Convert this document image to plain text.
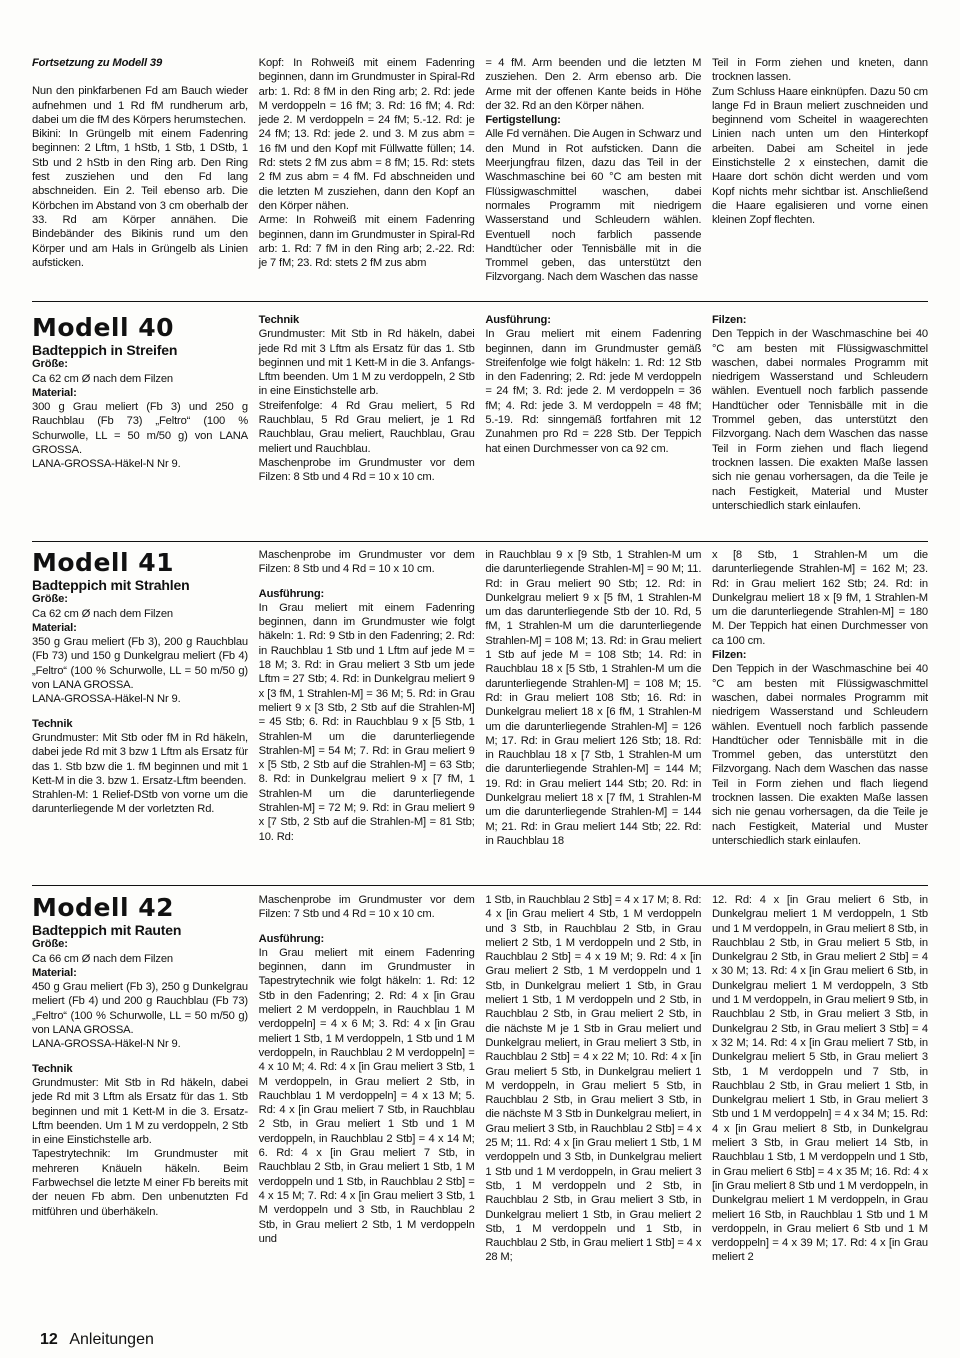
Fortsetzung zu Modell 39

Nun den pinkfarbenen Fd am Bauch wieder aufnehmen und 1 Rd fM rundherum arb, dabei um die fM des Körpers herumstechen.

Bikini: In Grüngelb mit einem Fadenring beginnen: 2 Lftm, 1 hStb, 1 Stb, 1 DStb, 1 Stb und 2 hStb in den Ring arb. Den Ring fest zusziehen und den Fd lang abschneiden. Ein 2. Teil ebenso arb. Die Körbchen im Abstand von 3 cm oberhalb der 33. Rd am Körper annähen. Die Bindebänder des Bikinis rund um den Körper und am Hals in Grüngelb als Linien aufsticken.

Kopf: In Rohweiß mit einem Fadenring beginnen, dann im Grundmuster in Spiral-Rd arb: 1. Rd: 8 fM in den Ring arb; 2. Rd: jede M verdoppeln = 16 fM; 3. Rd: 16 fM; 4. Rd: jede 2. M verdoppeln = 24 fM; 5.-12. Rd: je 24 fM; 13. Rd: jede 2. und 3. M zus abm = 16 fM und den Kopf mit Füllwatte füllen; 14. Rd: stets 2 fM zus abm = 8 fM; 15. Rd: stets 2 fM zus abm = 4 fM. Fd abschneiden und die letzten M zusziehen, dann den Kopf an den Körper nähen.

Arme: In Rohweiß mit einem Fadenring beginnen, dann im Grundmuster in Spiral-Rd arb: 1. Rd: 7 fM in den Ring arb; 2.-22. Rd: je 7 fM; 23. Rd: stets 2 fM zus abm

= 4 fM. Arm beenden und die letzten M zusziehen. Den 2. Arm ebenso arb. Die Arme mit der offenen Kante beids in Höhe der 32. Rd an den Körper nähen.

Fertigstellung:

Alle Fd vernähen. Die Augen in Schwarz und den Mund in Rot aufsticken. Dann die Meerjungfrau filzen, dazu das Teil in der Waschmaschine bei 60 °C am besten mit Flüssigwaschmittel waschen, dabei normales Programm mit niedrigem Wasserstand und Schleudern wählen. Eventuell noch farblich passende Handtücher oder Tennisbälle mit in die Trommel geben, das unterstützt den Filzvorgang. Nach dem Waschen das nasse

Teil in Form ziehen und kneten, dann trocknen lassen.

Zum Schluss Haare einknüpfen. Dazu 50 cm lange Fd in Braun meliert zuschneiden und beginnend vom Scheitel in waagerechten Linien nach unten um den Hinterkopf arbeiten. Dabei am Scheitel in jede Einstichstelle 2 x einstechen, damit die Haare dort schön dicht werden und vom Kopf nichts mehr sichtbar ist. Anschließend die Haare egalisieren und vorne einen kleinen Zopf flechten.

Modell 40

Badteppich in Streifen

Größe:

Ca 62 cm Ø nach dem Filzen

Material:

300 g Grau meliert (Fb 3) und 250 g Rauchblau (Fb 73) „Feltro“ (100 % Schurwolle, LL = 50 m/50 g) von LANA GROSSA.

LANA-GROSSA-Häkel-N Nr 9.

Technik

Grundmuster: Mit Stb in Rd häkeln, dabei jede Rd mit 3 Lftm als Ersatz für das 1. Stb beginnen und mit 1 Kett-M in die 3. Anfangs-Lftm beenden. Um 1 M zu verdoppeln, 2 Stb in eine Einstichstelle arb.

Streifenfolge: 4 Rd Grau meliert, 5 Rd Rauchblau, 5 Rd Grau meliert, je 1 Rd Rauchblau, Grau meliert, Rauchblau, Grau meliert und Rauchblau.

Maschenprobe im Grundmuster vor dem Filzen: 8 Stb und 4 Rd = 10 x 10 cm.

Ausführung:

In Grau meliert mit einem Fadenring beginnen, dann im Grundmuster gemäß Streifenfolge wie folgt häkeln: 1. Rd: 12 Stb in den Fadenring; 2. Rd: jede M verdoppeln = 24 fM; 3. Rd: jede 2. M verdoppeln = 36 fM; 4. Rd: jede 3. M verdoppeln = 48 fM; 5.-19. Rd: sinngemäß fortfahren mit 12 Zunahmen pro Rd = 228 Stb. Der Teppich hat einen Durchmesser von ca 92 cm.

Filzen:

Den Teppich in der Waschmaschine bei 40 °C am besten mit Flüssigwaschmittel waschen, dabei normales Programm mit niedrigem Wasserstand und Schleudern wählen. Eventuell noch farblich passende Handtücher oder Tennisbälle mit in die Trommel geben, das unterstützt den Filzvorgang. Nach dem Waschen das nasse Teil in Form ziehen und flach liegend trocknen lassen. Die exakten Maße lassen sich nie genau vorhersagen, da die Teile je nach Festigkeit, Material und Muster unterschiedlich stark einlaufen.

Modell 41

Badteppich mit Strahlen

Größe:

Ca 62 cm Ø nach dem Filzen

Material:

350 g Grau meliert (Fb 3), 200 g Rauchblau (Fb 73) und 150 g Dunkelgrau meliert (Fb 4) „Feltro“ (100 % Schurwolle, LL = 50 m/50 g) von LANA GROSSA.

LANA-GROSSA-Häkel-N Nr 9.

Technik

Grundmuster: Mit Stb oder fM in Rd häkeln, dabei jede Rd mit 3 bzw 1 Lftm als Ersatz für das 1. Stb bzw die 1. fM beginnen und mit 1 Kett-M in die 3. bzw 1. Ersatz-Lftm beenden.

Strahlen-M: 1 Relief-DStb von vorne um die darunterliegende M der vorletzten Rd.

Maschenprobe im Grundmuster vor dem Filzen: 8 Stb und 4 Rd = 10 x 10 cm.

Ausführung:

In Grau meliert mit einem Fadenring beginnen, dann im Grundmuster wie folgt häkeln: 1. Rd: 9 Stb in den Fadenring; 2. Rd: in Rauchblau 1 Stb und 1 Lftm auf jede M = 18 M; 3. Rd: in Grau meliert 3 Stb um jede Lftm = 27 Stb; 4. Rd: in Dunkelgrau meliert 9 x [3 fM, 1 Strahlen-M] = 36 M; 5. Rd: in Grau meliert 9 x [3 Stb, 2 Stb auf die Strahlen-M] = 45 Stb; 6. Rd: in Rauchblau 9 x [5 Stb, 1 Strahlen-M um die darunterliegende Strahlen-M] = 54 M; 7. Rd: in Grau meliert 9 x [5 Stb, 2 Stb auf die Strahlen-M] = 63 Stb; 8. Rd: in Dunkelgrau meliert 9 x [7 fM, 1 Strahlen-M um die darunterliegende Strahlen-M] = 72 M; 9. Rd: in Grau meliert 9 x [7 Stb, 2 Stb auf die Strahlen-M] = 81 Stb; 10. Rd:

in Rauchblau 9 x [9 Stb, 1 Strahlen-M um die darunterliegende Strahlen-M] = 90 M; 11. Rd: in Grau meliert 90 Stb; 12. Rd: in Dunkelgrau meliert 9 x [5 fM, 1 Strahlen-M um das darunterliegende Stb der 10. Rd, 5 fM, 1 Strahlen-M um die darunterliegende Strahlen-M] = 108 M; 13. Rd: in Grau meliert 1 Stb auf jede M = 108 Stb; 14. Rd: in Rauchblau 18 x [5 Stb, 1 Strahlen-M um die darunterliegende Strahlen-M] = 108 M; 15. Rd: in Grau meliert 108 Stb; 16. Rd: in Dunkelgrau meliert 18 x [6 fM, 1 Strahlen-M um die darunterliegende Strahlen-M] = 126 M; 17. Rd: in Grau meliert 126 Stb; 18. Rd: in Rauchblau 18 x [7 Stb, 1 Strahlen-M um die darunterliegende Strahlen-M] = 144 M; 19. Rd: in Grau meliert 144 Stb; 20. Rd: in Dunkelgrau meliert 18 x [7 fM, 1 Strahlen-M um die darunterliegende Strahlen-M] = 144 M; 21. Rd: in Grau meliert 144 Stb; 22. Rd: in Rauchblau 18

x [8 Stb, 1 Strahlen-M um die darunterliegende Strahlen-M] = 162 M; 23. Rd: in Grau meliert 162 Stb; 24. Rd: in Dunkelgrau meliert 18 x [9 fM, 1 Strahlen-M um die darunterliegende Strahlen-M] = 180 M. Der Teppich hat einen Durchmesser von ca 100 cm.

Filzen:

Den Teppich in der Waschmaschine bei 40 °C am besten mit Flüssigwaschmittel waschen, dabei normales Programm mit niedrigem Wasserstand und Schleudern wählen. Eventuell noch farblich passende Handtücher oder Tennisbälle mit in die Trommel geben, das unterstützt den Filzvorgang. Nach dem Waschen das nasse Teil in Form ziehen und flach liegend trocknen lassen. Die exakten Maße lassen sich nie genau vorhersagen, da die Teile je nach Festigkeit, Material und Muster unterschiedlich stark einlaufen.

Modell 42

Badteppich mit Rauten

Größe:

Ca 66 cm Ø nach dem Filzen

Material:

450 g Grau meliert (Fb 3), 250 g Dunkelgrau meliert (Fb 4) und 200 g Rauchblau (Fb 73) „Feltro“ (100 % Schurwolle, LL = 50 m/50 g) von LANA GROSSA.

LANA-GROSSA-Häkel-N Nr 9.

Technik

Grundmuster: Mit Stb in Rd häkeln, dabei jede Rd mit 3 Lftm als Ersatz für das 1. Stb beginnen und mit 1 Kett-M in die 3. Ersatz-Lftm beenden. Um 1 M zu verdoppeln, 2 Stb in eine Einstichstelle arb.

Tapestrytechnik: Im Grundmuster mit mehreren Knäueln häkeln. Beim Farbwechsel die letzte M einer Fb bereits mit der neuen Fb abm. Den unbenutzten Fd mitführen und überhäkeln.

Maschenprobe im Grundmuster vor dem Filzen: 7 Stb und 4 Rd = 10 x 10 cm.

Ausführung:

In Grau meliert mit einem Fadenring beginnen, dann im Grundmuster in Tapestrytechnik wie folgt häkeln: 1. Rd: 12 Stb in den Fadenring; 2. Rd: 4 x [in Grau meliert 2 M verdoppeln, in Rauchblau 1 M verdoppeln] = 4 x 6 M; 3. Rd: 4 x [in Grau meliert 1 Stb, 1 M verdoppeln, 1 Stb und 1 M verdoppeln, in Rauchblau 2 M verdoppeln] = 4 x 10 M; 4. Rd: 4 x [in Grau meliert 3 Stb, 1 M verdoppeln, in Grau meliert 2 Stb, in Rauchblau 1 M verdoppeln] = 4 x 13 M; 5. Rd: 4 x [in Grau meliert 7 Stb, in Rauchblau 2 Stb, in Grau meliert 1 Stb und 1 M verdoppeln, in Rauchblau 2 Stb] = 4 x 14 M; 6. Rd: 4 x [in Grau meliert 7 Stb, in Rauchblau 2 Stb, in Grau meliert 1 Stb, 1 M verdoppeln und 1 Stb, in Rauchblau 2 Stb] = 4 x 15 M; 7. Rd: 4 x [in Grau meliert 3 Stb, 1 M verdoppeln und 3 Stb, in Rauchblau 2 Stb, in Grau meliert 2 Stb, 1 M verdoppeln und

1 Stb, in Rauchblau 2 Stb] = 4 x 17 M; 8. Rd: 4 x [in Grau meliert 4 Stb, 1 M verdoppeln und 3 Stb, in Rauchblau 2 Stb, in Grau meliert 2 Stb, 1 M verdoppeln und 2 Stb, in Rauchblau 2 Stb] = 4 x 19 M; 9. Rd: 4 x [in Grau meliert 2 Stb, 1 M verdoppeln und 1 Stb, in Dunkelgrau meliert 1 Stb, in Grau meliert 1 Stb, 1 M verdoppeln und 2 Stb, in Rauchblau 2 Stb, in Grau meliert 2 Stb, in die nächste M je 1 Stb in Grau meliert und Dunkelgrau meliert, in Grau meliert 3 Stb, in Rauchblau 2 Stb] = 4 x 22 M; 10. Rd: 4 x [in Grau meliert 5 Stb, in Dunkelgrau meliert 1 M verdoppeln, in Grau meliert 5 Stb, in Rauchblau 2 Stb, in Grau meliert 3 Stb, in die nächste M 3 Stb in Dunkelgrau meliert, in Grau meliert 3 Stb, in Rauchblau 2 Stb] = 4 x 25 M; 11. Rd: 4 x [in Grau meliert 1 Stb, 1 M verdoppeln und 3 Stb, in Dunkelgrau meliert 1 Stb und 1 M verdoppeln, in Grau meliert 3 Stb, 1 M verdoppeln und 2 Stb, in Rauchblau 2 Stb, in Grau meliert 3 Stb, in Dunkelgrau meliert 1 Stb, in Grau meliert 2 Stb, 1 M verdoppeln und 1 Stb, in Rauchblau 2 Stb, in Grau meliert 1 Stb] = 4 x 28 M;

12. Rd: 4 x [in Grau meliert 6 Stb, in Dunkelgrau meliert 1 M verdoppeln, 1 Stb und 1 M verdoppeln, in Grau meliert 8 Stb, in Rauchblau 2 Stb, in Grau meliert 5 Stb, in Dunkelgrau 2 Stb, in Grau meliert 2 Stb] = 4 x 30 M; 13. Rd: 4 x [in Grau meliert 6 Stb, in Dunkelgrau meliert 1 M verdoppeln, 3 Stb und 1 M verdoppeln, in Grau meliert 9 Stb, in Rauchblau 2 Stb, in Grau meliert 3 Stb, in Dunkelgrau 2 Stb, in Grau meliert 3 Stb] = 4 x 32 M; 14. Rd: 4 x [in Grau meliert 7 Stb, in Dunkelgrau meliert 5 Stb, in Grau meliert 3 Stb, 1 M verdoppeln und 7 Stb, in Rauchblau 2 Stb, in Grau meliert 1 Stb, in Dunkelgrau meliert 1 Stb, in Grau meliert 3 Stb und 1 M verdoppeln] = 4 x 34 M; 15. Rd: 4 x [in Grau meliert 8 Stb, in Dunkelgrau meliert 3 Stb, in Grau meliert 14 Stb, in Rauchblau 1 Stb, 1 M verdoppeln und 1 Stb, in Grau meliert 6 Stb] = 4 x 35 M; 16. Rd: 4 x [in Grau meliert 8 Stb und 1 M verdoppeln, in Dunkelgrau meliert 1 M verdoppeln, in Grau meliert 16 Stb, in Rauchblau 1 Stb und 1 M verdoppeln, in Grau meliert 6 Stb und 1 M verdoppeln] = 4 x 39 M; 17. Rd: 4 x [in Grau meliert 2

12 Anleitungen
